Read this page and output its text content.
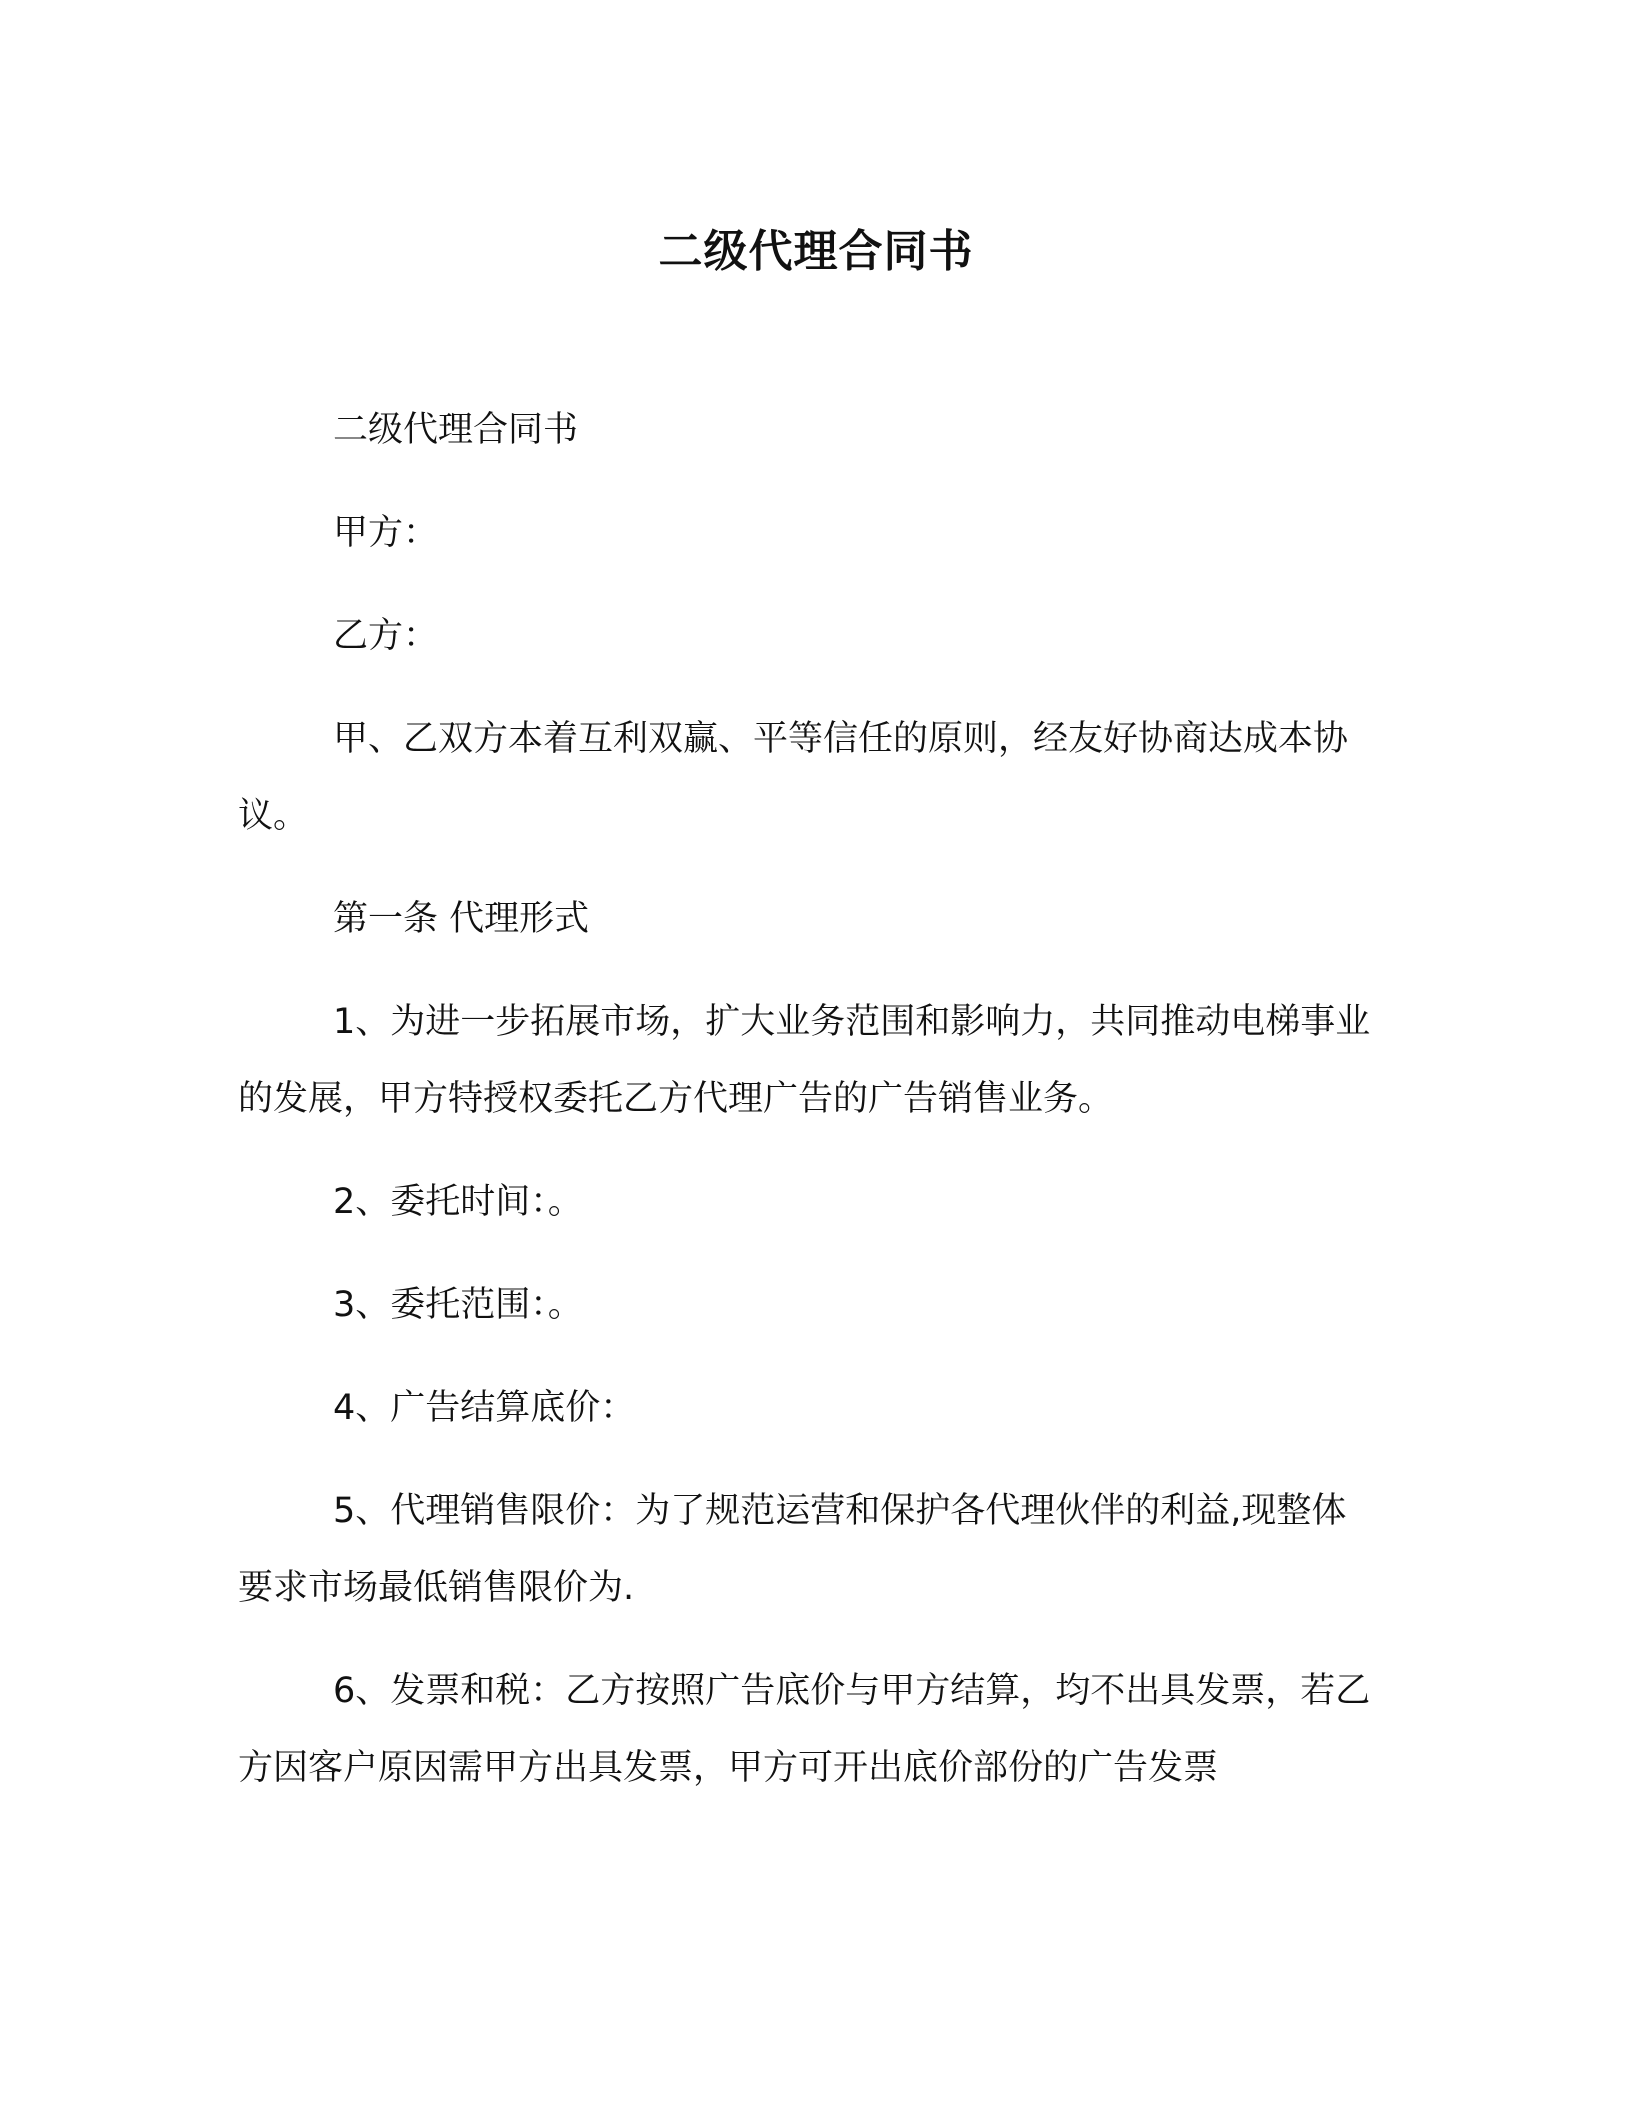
二级代理合同书

二级代理合同书

甲方：

乙方：

甲、乙双方本着互利双赢、平等信任的原则，经友好协商达成本协议。

第一条 代理形式

1、为进一步拓展市场，扩大业务范围和影响力，共同推动电梯事业的发展，甲方特授权委托乙方代理广告的广告销售业务。

2、委托时间：。

3、委托范围：。

4、广告结算底价：

5、代理销售限价：为了规范运营和保护各代理伙伴的利益,现整体要求市场最低销售限价为.

6、发票和税：乙方按照广告底价与甲方结算，均不出具发票，若乙方因客户原因需甲方出具发票，甲方可开出底价部份的广告发票
